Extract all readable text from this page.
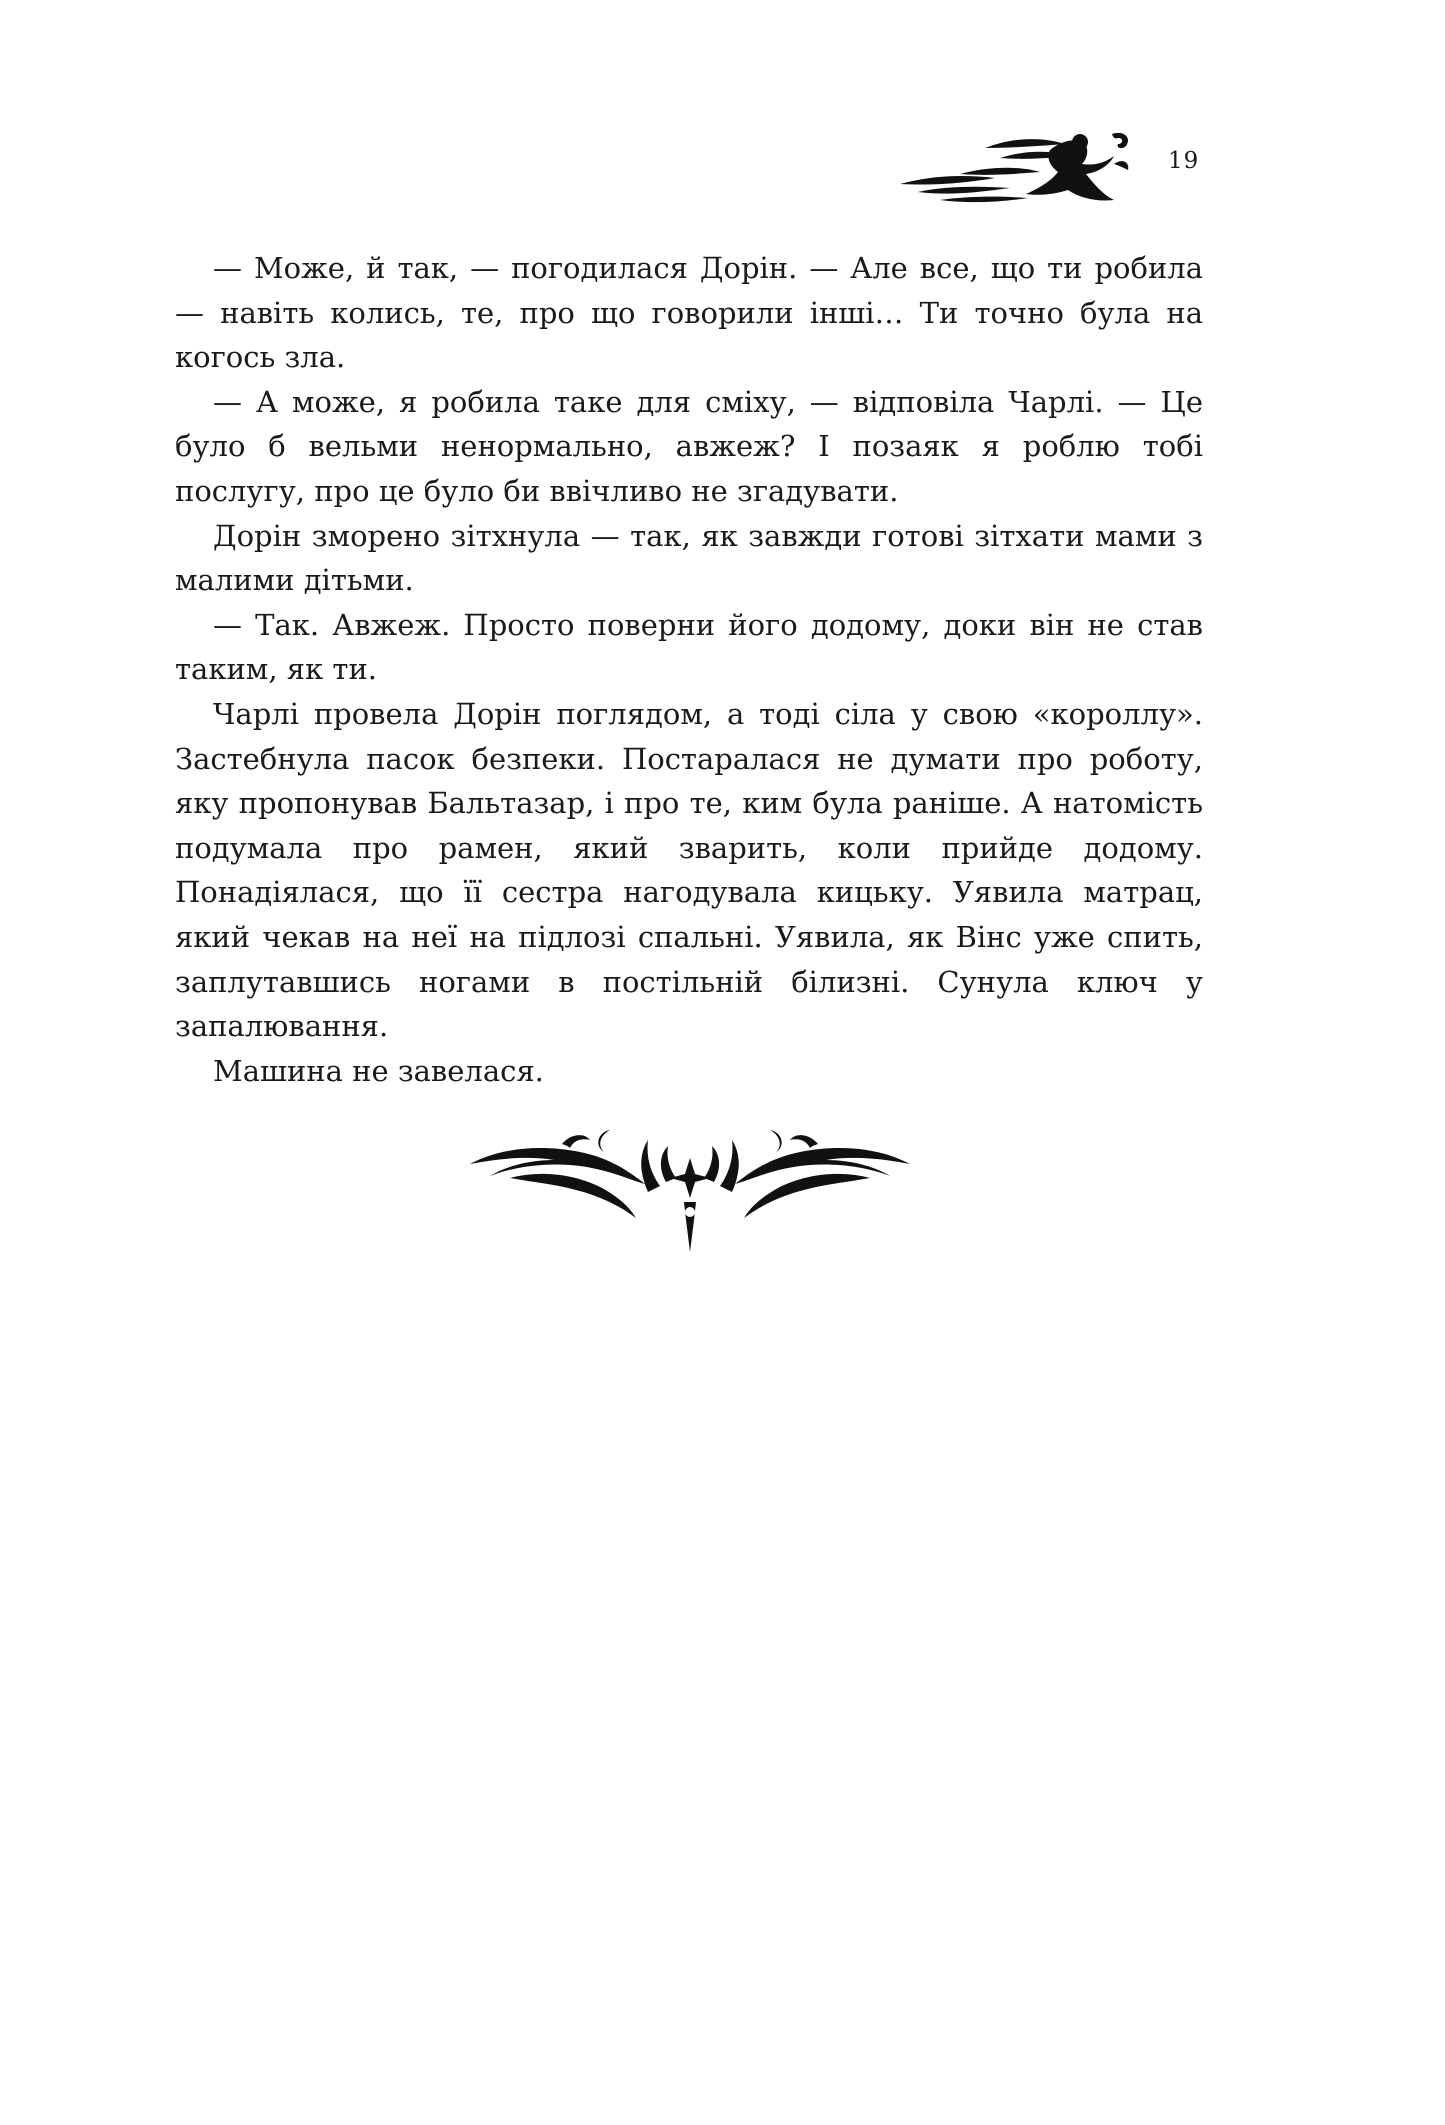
19

— Може, й так, — погодилася Дорін. — Але все, що ти робила — навіть колись, те, про що говорили інші… Ти точно була на когось зла.

— А може, я робила таке для сміху, — відповіла Чарлі. — Це було б вельми ненормально, авжеж? І позаяк я роблю тобі послугу, про це було би ввічливо не згадувати.

Дорін зморено зітхнула — так, як завжди готові зітхати мами з малими дітьми.

— Так. Авжеж. Просто поверни його додому, доки він не став таким, як ти.

Чарлі провела Дорін поглядом, а тоді сіла у свою «короллу». Застебнула пасок безпеки. Постаралася не думати про роботу, яку пропонував Бальтазар, і про те, ким була раніше. А натомість подумала про рамен, який зварить, коли прийде додому. Понадіялася, що її сестра нагодувала кицьку. Уявила матрац, який чекав на неї на підлозі спальні. Уявила, як Вінс уже спить, заплутавшись ногами в постільній білизні. Сунула ключ у запалювання.

Машина не завелася.
